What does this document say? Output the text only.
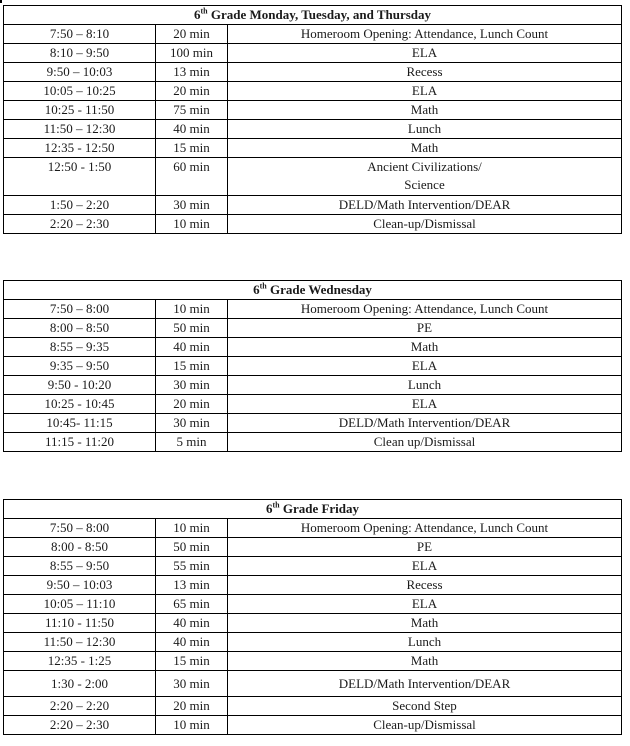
6th Grade Monday, Tuesday, and Thursday		
7:50 – 8:10	20 min	Homeroom Opening: Attendance, Lunch Count
8:10 – 9:50	100 min	ELA
9:50 – 10:03	13 min	Recess
10:05 – 10:25	20 min	ELA
10:25 - 11:50	75 min	Math
11:50 – 12:30	40 min	Lunch
12:35 - 12:50	15 min	Math
12:50 - 1:50	60 min	Ancient Civilizations/ Science
1:50 – 2:20	30 min	DELD/Math Intervention/DEAR
2:20 – 2:30	10 min	Clean-up/Dismissal
6th Grade Wednesday		
7:50 – 8:00	10 min	Homeroom Opening: Attendance, Lunch Count
8:00 – 8:50	50 min	PE
8:55 – 9:35	40 min	Math
9:35 – 9:50	15 min	ELA
9:50 - 10:20	30 min	Lunch
10:25 - 10:45	20 min	ELA
10:45- 11:15	30 min	DELD/Math Intervention/DEAR
11:15 - 11:20	5 min	Clean up/Dismissal
6th Grade Friday		
7:50 – 8:00	10 min	Homeroom Opening: Attendance, Lunch Count
8:00 - 8:50	50 min	PE
8:55 – 9:50	55 min	ELA
9:50 – 10:03	13 min	Recess
10:05 – 11:10	65 min	ELA
11:10 - 11:50	40 min	Math
11:50 – 12:30	40 min	Lunch
12:35 - 1:25	15 min	Math
1:30 - 2:00	30 min	DELD/Math Intervention/DEAR
2:20 – 2:20	20 min	Second Step
2:20 – 2:30	10 min	Clean-up/Dismissal
